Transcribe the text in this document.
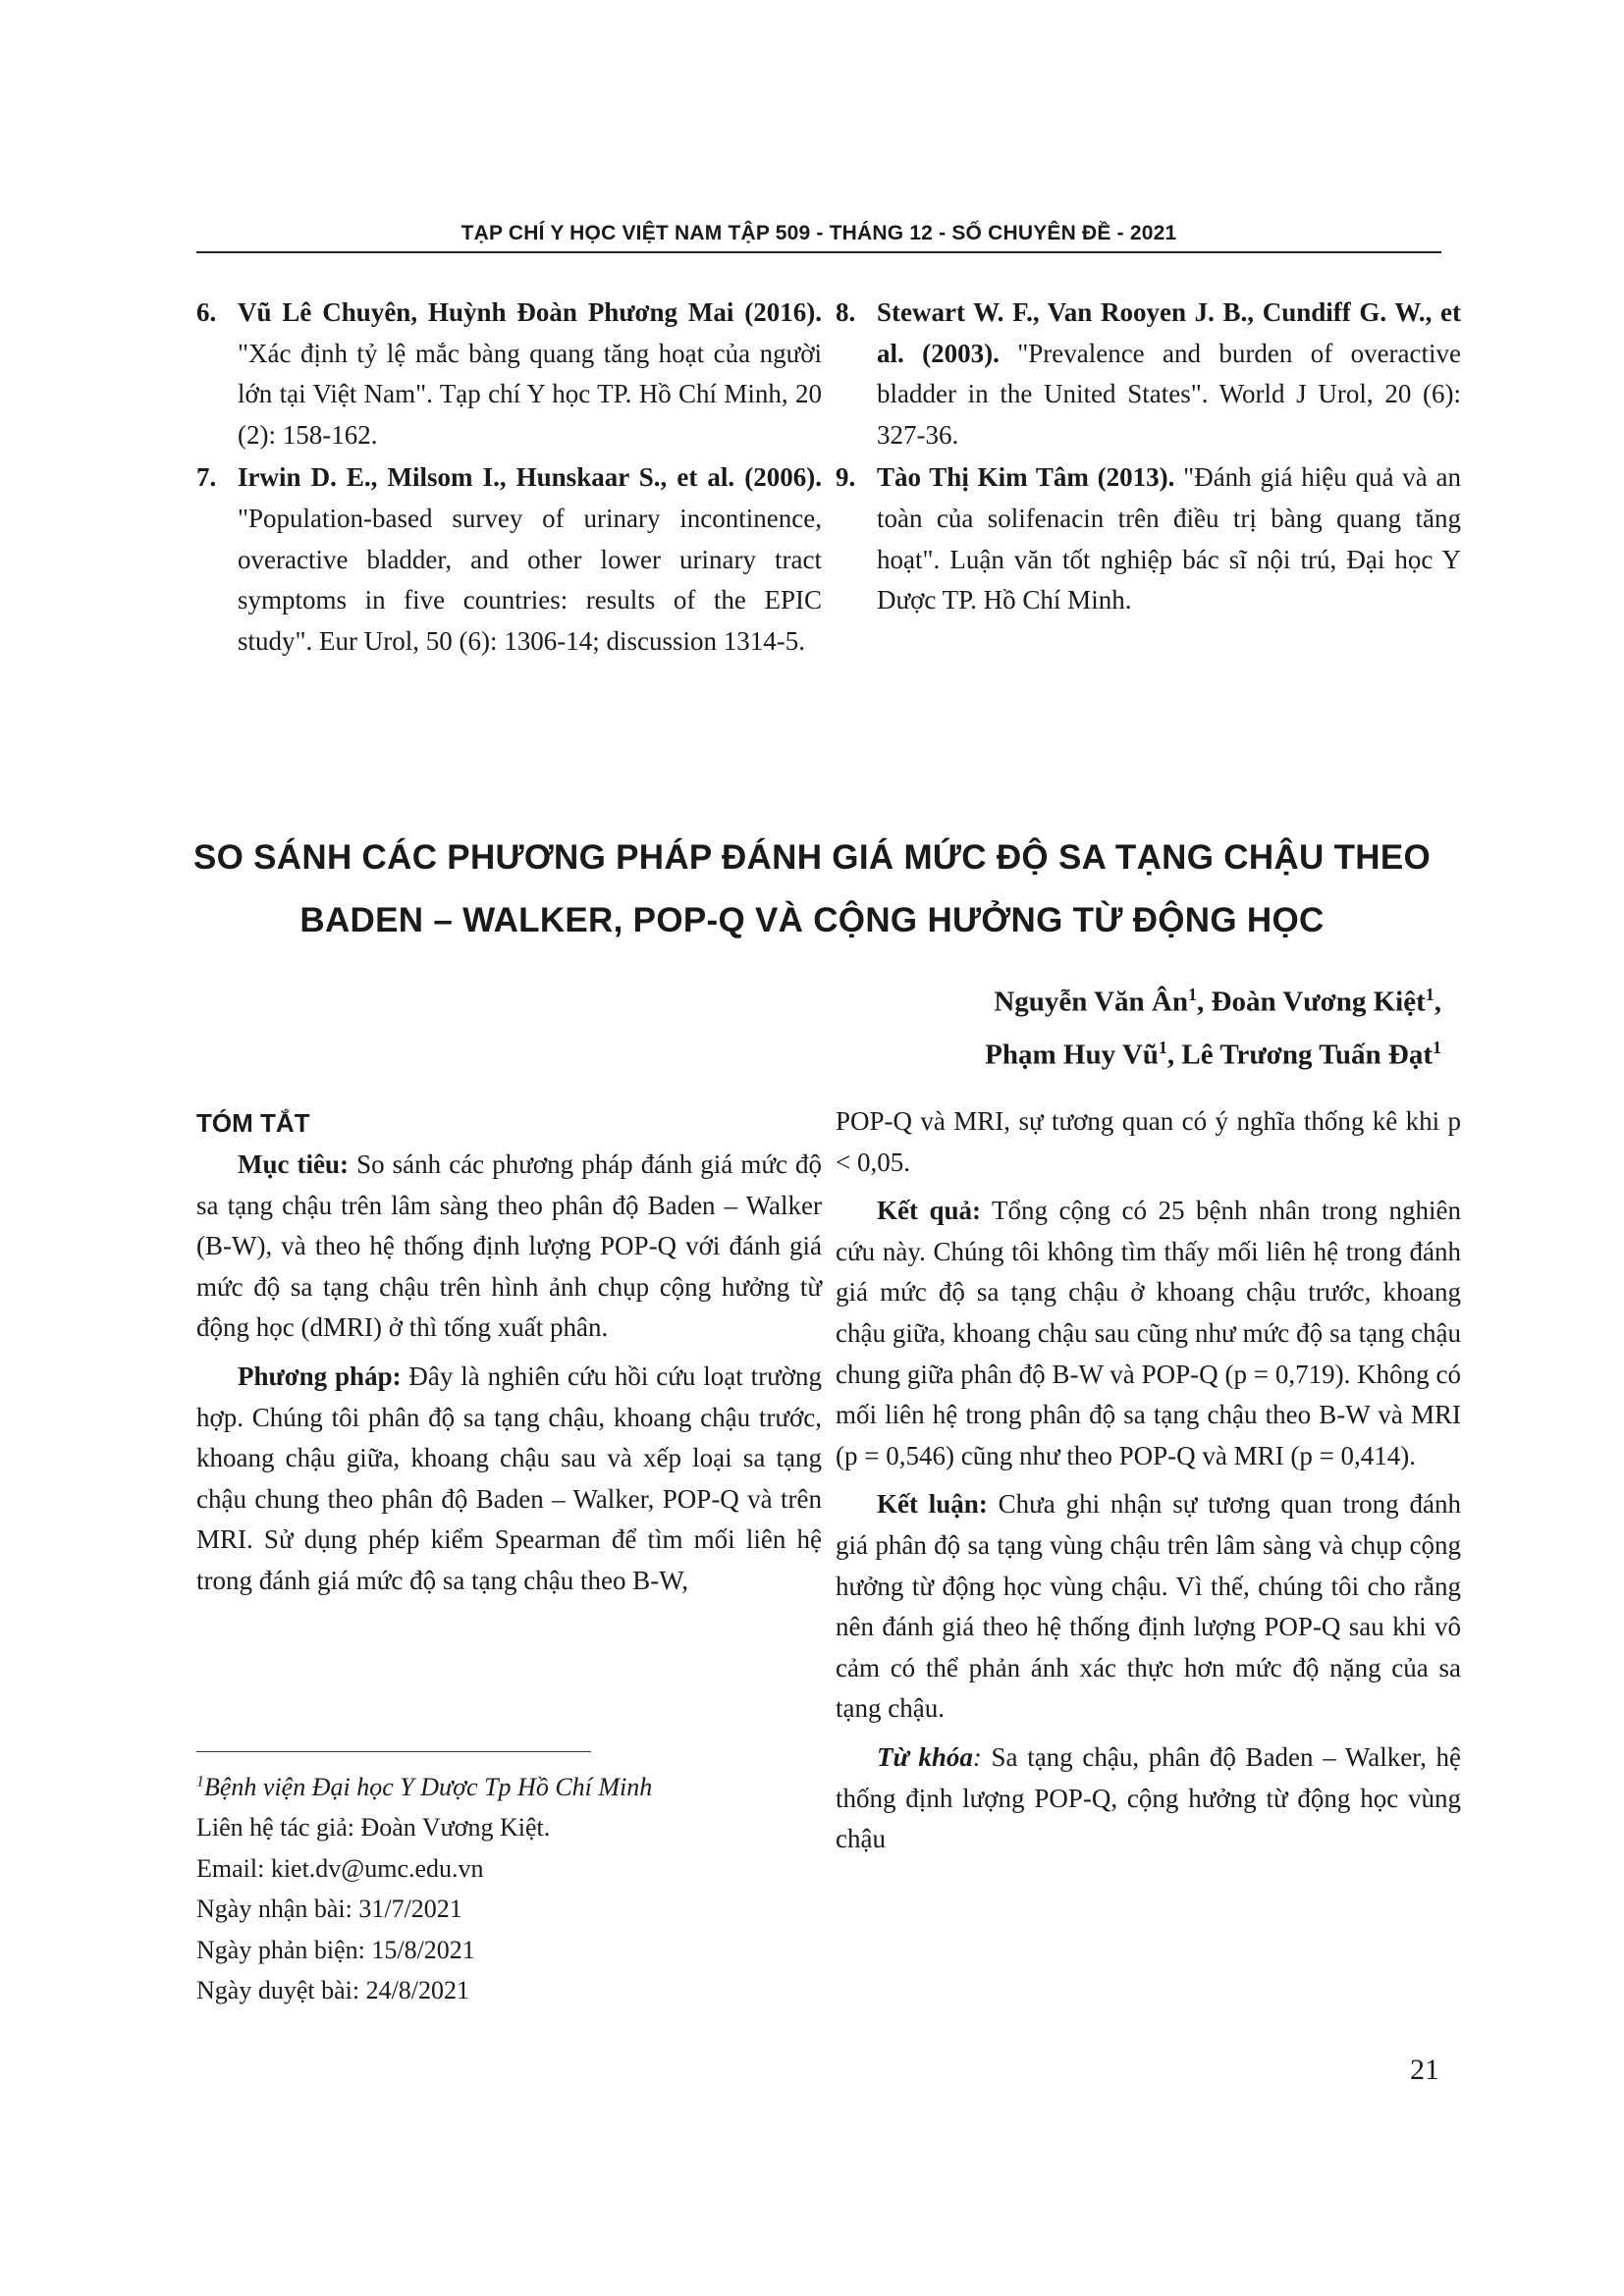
TẠP CHÍ Y HỌC VIỆT NAM TẬP 509 - THÁNG 12 - SỐ CHUYÊN ĐỀ - 2021

6. Vũ Lê Chuyên, Huỳnh Đoàn Phương Mai (2016). "Xác định tỷ lệ mắc bàng quang tăng hoạt của người lớn tại Việt Nam". Tạp chí Y học TP. Hồ Chí Minh, 20 (2): 158-162.

7. Irwin D. E., Milsom I., Hunskaar S., et al. (2006). "Population-based survey of urinary incontinence, overactive bladder, and other lower urinary tract symptoms in five countries: results of the EPIC study". Eur Urol, 50 (6): 1306-14; discussion 1314-5.

8. Stewart W. F., Van Rooyen J. B., Cundiff G. W., et al. (2003). "Prevalence and burden of overactive bladder in the United States". World J Urol, 20 (6): 327-36.

9. Tào Thị Kim Tâm (2013). "Đánh giá hiệu quả và an toàn của solifenacin trên điều trị bàng quang tăng hoạt". Luận văn tốt nghiệp bác sĩ nội trú, Đại học Y Dược TP. Hồ Chí Minh.

SO SÁNH CÁC PHƯƠNG PHÁP ĐÁNH GIÁ MỨC ĐỘ SA TẠNG CHẬU THEO
BADEN – WALKER, POP-Q VÀ CỘNG HƯỞNG TỪ ĐỘNG HỌC
Nguyễn Văn $Ân^1$, Đoàn Vương Kiệt$^1$,
Phạm Huy $Vũ^1$, Lê Trương Tuấn Đạt$^1$
TÓM TẮT

Mục tiêu: So sánh các phương pháp đánh giá mức độ sa tạng chậu trên lâm sàng theo phân độ Baden – Walker (B-W), và theo hệ thống định lượng POP-Q với đánh giá mức độ sa tạng chậu trên hình ảnh chụp cộng hưởng từ động học (dMRI) ở thì tống xuất phân.

Phương pháp: Đây là nghiên cứu hồi cứu loạt trường hợp. Chúng tôi phân độ sa tạng chậu, khoang chậu trước, khoang chậu giữa, khoang chậu sau và xếp loại sa tạng chậu chung theo phân độ Baden – Walker, POP-Q và trên MRI. Sử dụng phép kiểm Spearman để tìm mối liên hệ trong đánh giá mức độ sa tạng chậu theo B-W,

POP-Q và MRI, sự tương quan có ý nghĩa thống kê khi p < 0,05.

Kết quả: Tổng cộng có 25 bệnh nhân trong nghiên cứu này. Chúng tôi không tìm thấy mối liên hệ trong đánh giá mức độ sa tạng chậu ở khoang chậu trước, khoang chậu giữa, khoang chậu sau cũng như mức độ sa tạng chậu chung giữa phân độ B-W và POP-Q (p = 0,719). Không có mối liên hệ trong phân độ sa tạng chậu theo B-W và MRI (p = 0,546) cũng như theo POP-Q và MRI (p = 0,414).

Kết luận: Chưa ghi nhận sự tương quan trong đánh giá phân độ sa tạng vùng chậu trên lâm sàng và chụp cộng hưởng từ động học vùng chậu. Vì thế, chúng tôi cho rằng nên đánh giá theo hệ thống định lượng POP-Q sau khi vô cảm có thể phản ánh xác thực hơn mức độ nặng của sa tạng chậu.

Từ khóa: Sa tạng chậu, phân độ Baden – Walker, hệ thống định lượng POP-Q, cộng hưởng từ động học vùng chậu

$^1$Bệnh viện Đại học Y Dược Tp Hồ Chí Minh
Liên hệ tác giả: Đoàn Vương Kiệt.
Email: kiet.dv@umc.edu.vn
Ngày nhận bài: 31/7/2021
Ngày phản biện: 15/8/2021
Ngày duyệt bài: 24/8/2021
21
